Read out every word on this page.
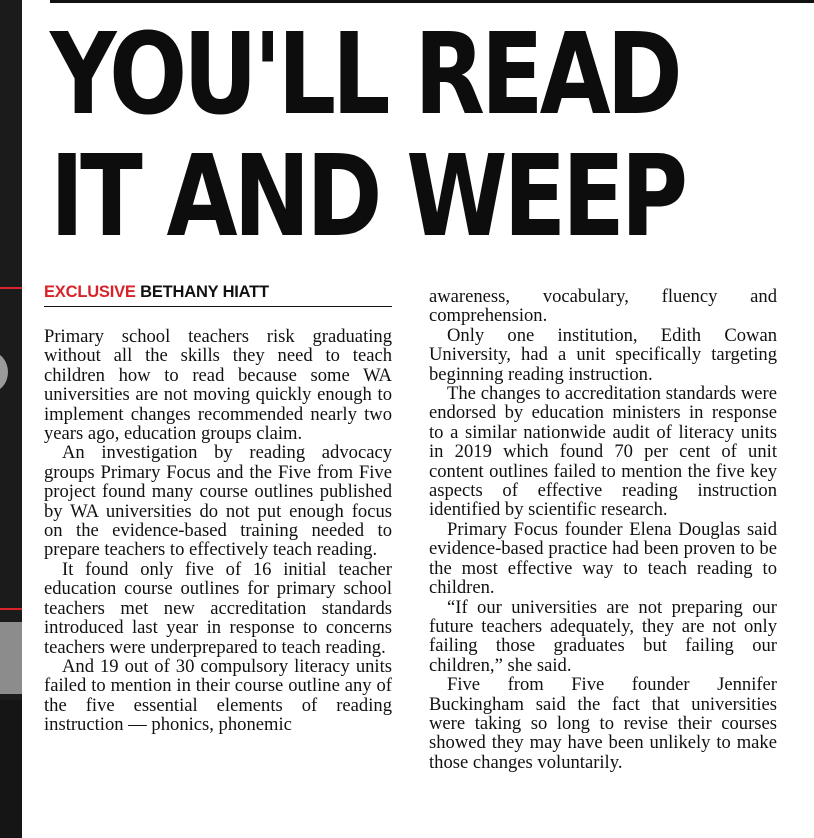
YOU'LL READ
IT AND WEEP
EXCLUSIVE BETHANY HIATT

Primary school teachers risk graduating without all the skills they need to teach children how to read because some WA universities are not moving quickly enough to implement changes recommended nearly two years ago, education groups claim.

An investigation by reading advocacy groups Primary Focus and the Five from Five project found many course outlines published by WA universities do not put enough focus on the evidence-based training needed to prepare teachers to effectively teach reading.

It found only five of 16 initial teacher education course outlines for primary school teachers met new accreditation standards introduced last year in response to concerns teachers were underprepared to teach reading.

And 19 out of 30 compulsory literacy units failed to mention in their course outline any of the five essential elements of reading instruction — phonics, phonemic

awareness, vocabulary, fluency and comprehension.

Only one institution, Edith Cowan University, had a unit specifically targeting beginning reading instruction.

The changes to accreditation standards were endorsed by education ministers in response to a similar nationwide audit of literacy units in 2019 which found 70 per cent of unit content outlines failed to mention the five key aspects of effective reading instruction identified by scientific research.

Primary Focus founder Elena Douglas said evidence-based practice had been proven to be the most effective way to teach reading to children.

“If our universities are not preparing our future teachers adequately, they are not only failing those graduates but failing our children,” she said.

Five from Five founder Jennifer Buckingham said the fact that universities were taking so long to revise their courses showed they may have been unlikely to make those changes voluntarily.
